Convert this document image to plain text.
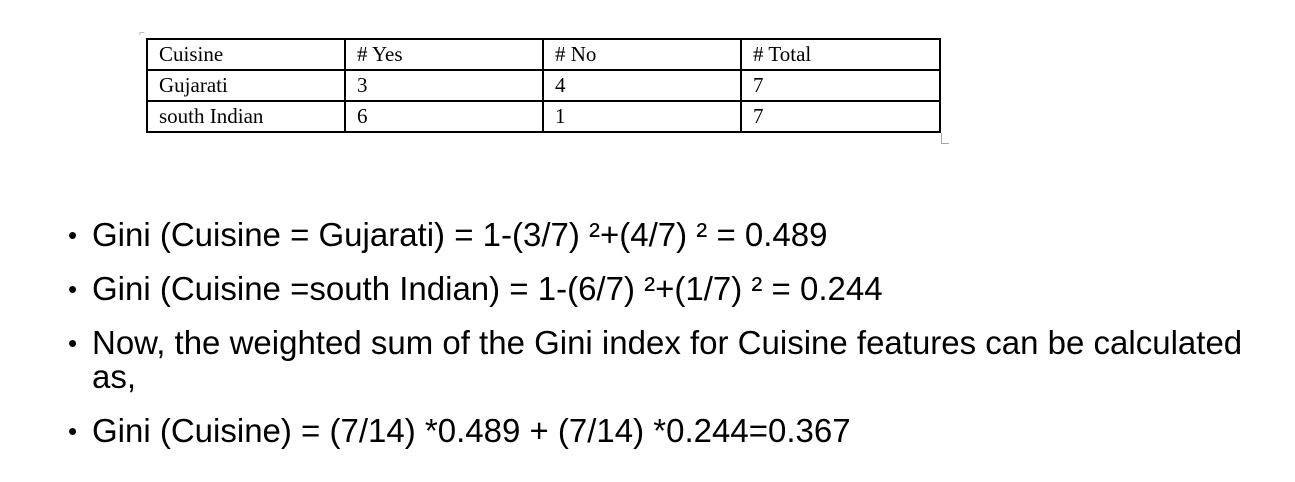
⌐
Cuisine	# Yes	# No	# Total
Gujarati	3	4	7
south Indian	6	1	7
• Gini (Cuisine = Gujarati) = 1-(3/7) ²+(4/7) ² = 0.489
• Gini (Cuisine =south Indian) = 1-(6/7) ²+(1/7) ² = 0.244
• Now, the weighted sum of the Gini index for Cuisine features can be calculated as,
• Gini (Cuisine) = (7/14) *0.489 + (7/14) *0.244=0.367
